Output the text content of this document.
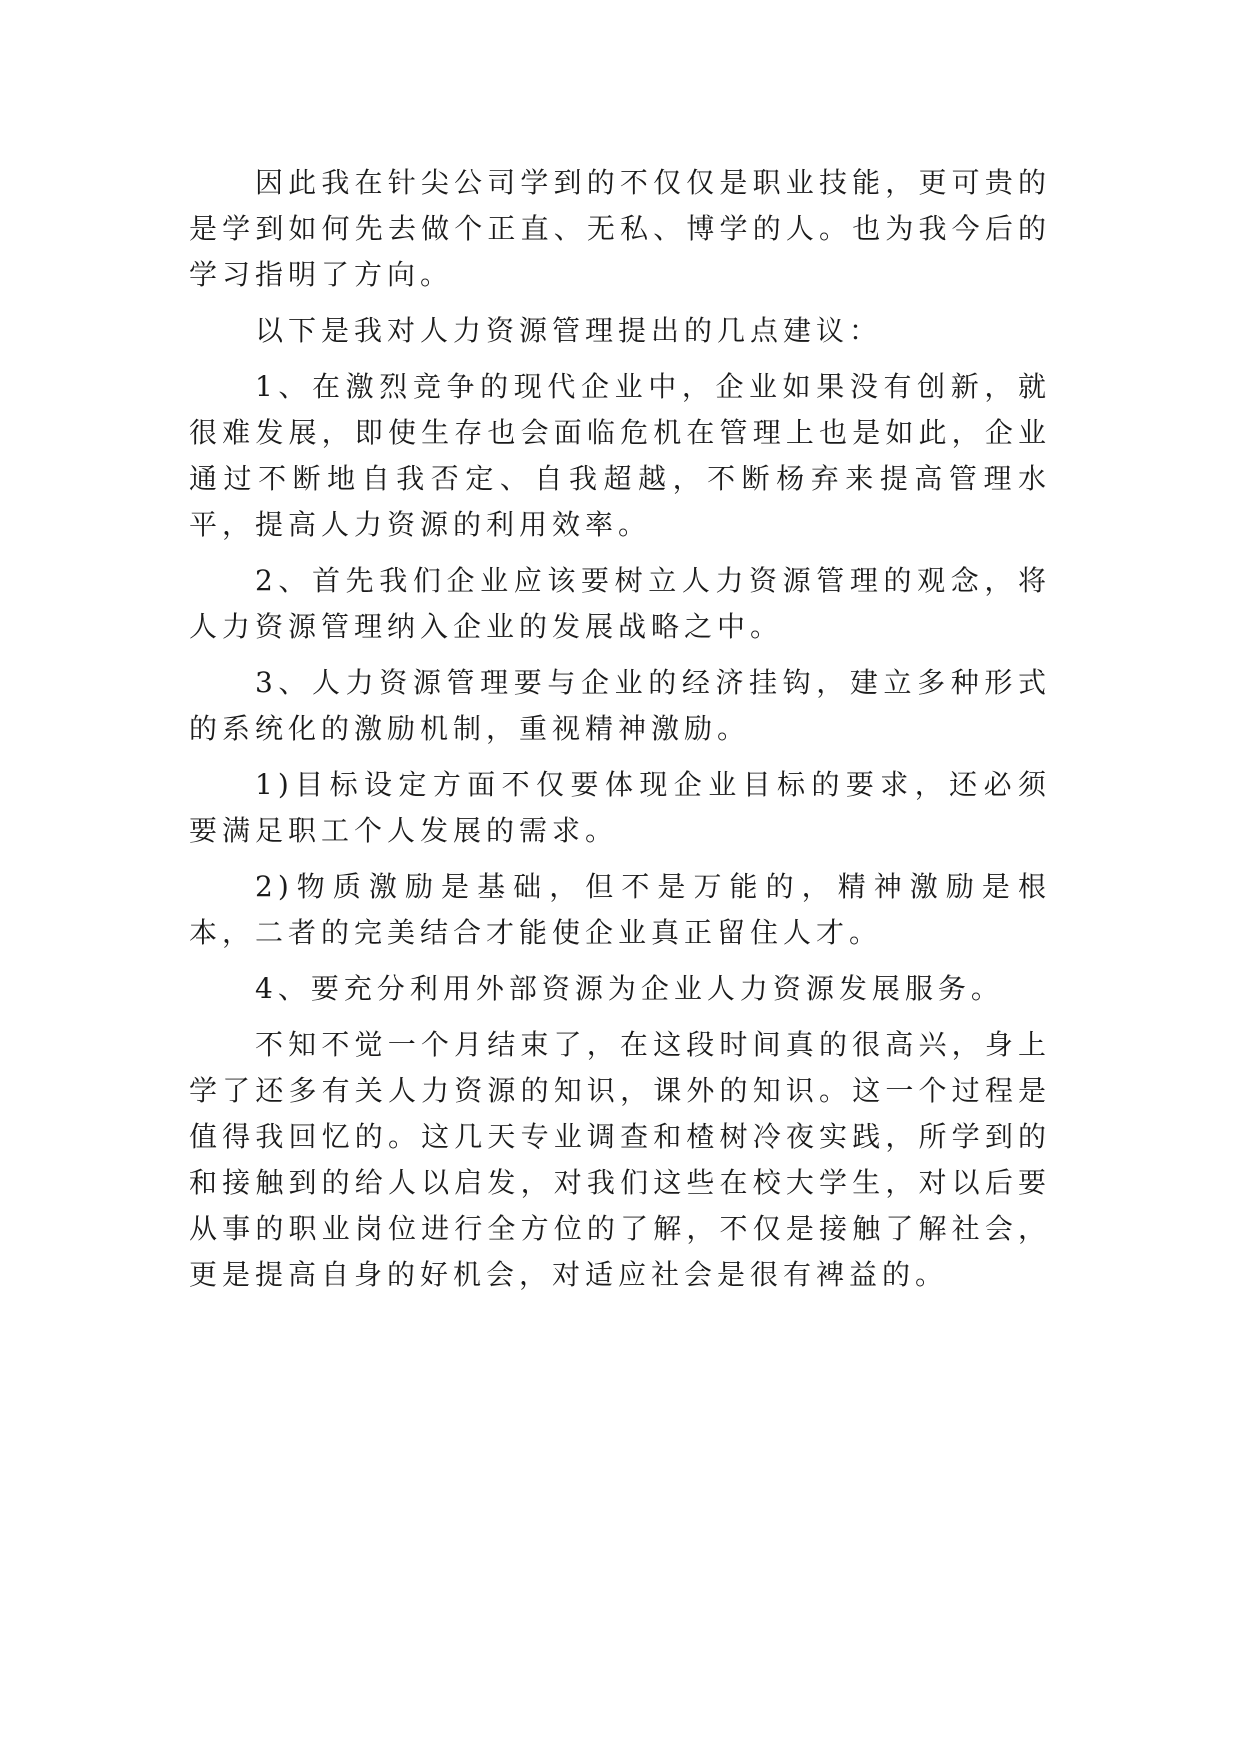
因此我在针尖公司学到的不仅仅是职业技能，更可贵的是学到如何先去做个正直、无私、博学的人。也为我今后的学习指明了方向。

以下是我对人力资源管理提出的几点建议：

1、在激烈竞争的现代企业中，企业如果没有创新，就很难发展，即使生存也会面临危机在管理上也是如此，企业通过不断地自我否定、自我超越，不断杨弃来提高管理水平，提高人力资源的利用效率。

2、首先我们企业应该要树立人力资源管理的观念，将人力资源管理纳入企业的发展战略之中。

3、人力资源管理要与企业的经济挂钩，建立多种形式的系统化的激励机制，重视精神激励。

1)目标设定方面不仅要体现企业目标的要求，还必须要满足职工个人发展的需求。

2)物质激励是基础，但不是万能的，精神激励是根本，二者的完美结合才能使企业真正留住人才。

4、要充分利用外部资源为企业人力资源发展服务。

不知不觉一个月结束了，在这段时间真的很高兴，身上学了还多有关人力资源的知识，课外的知识。这一个过程是值得我回忆的。这几天专业调查和楂树冷夜实践，所学到的和接触到的给人以启发，对我们这些在校大学生，对以后要从事的职业岗位进行全方位的了解，不仅是接触了解社会，更是提高自身的好机会，对适应社会是很有裨益的。
